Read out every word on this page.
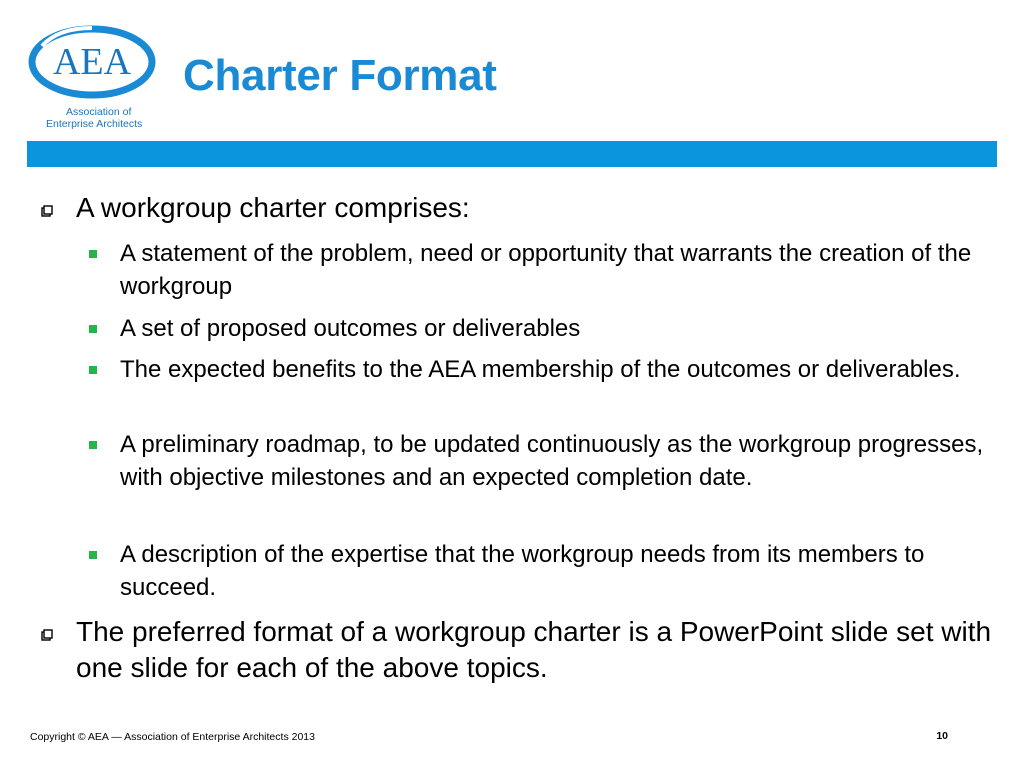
AEA
Association of
Enterprise Architects
Charter Format
A workgroup charter comprises:
A statement of the problem, need or opportunity that warrants the creation of the workgroup
A set of proposed outcomes or deliverables
The expected benefits to the AEA membership of the outcomes or deliverables.
A preliminary roadmap, to be updated continuously as the workgroup progresses, with objective milestones and an expected completion date.
A description of the expertise that the workgroup needs from its members to succeed.
The preferred format of a workgroup charter is a PowerPoint slide set with one slide for each of the above topics.
Copyright © AEA — Association of Enterprise Architects 2013	10
